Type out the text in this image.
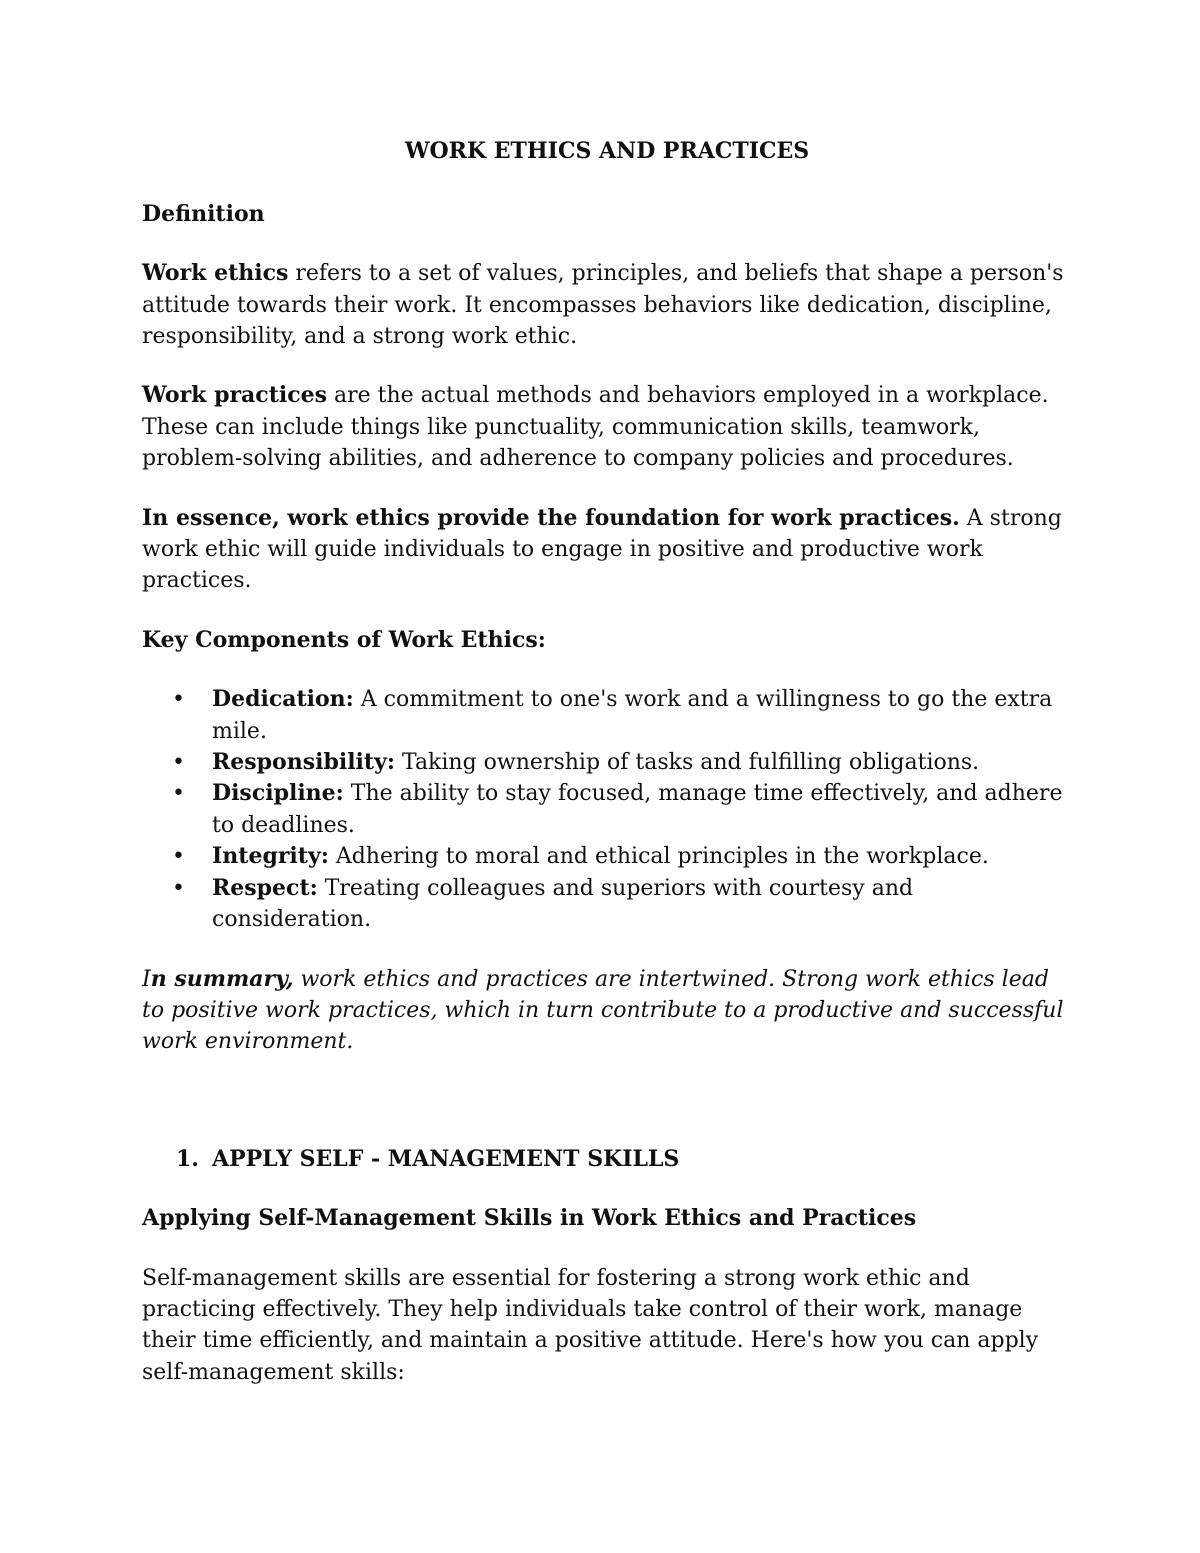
WORK ETHICS AND PRACTICES

Definition

Work ethics refers to a set of values, principles, and beliefs that shape a person's attitude towards their work. It encompasses behaviors like dedication, discipline, responsibility, and a strong work ethic.

Work practices are the actual methods and behaviors employed in a workplace. These can include things like punctuality, communication skills, teamwork, problem-solving abilities, and adherence to company policies and procedures.

In essence, work ethics provide the foundation for work practices. A strong work ethic will guide individuals to engage in positive and productive work practices.

Key Components of Work Ethics:

• Dedication: A commitment to one's work and a willingness to go the extra mile.
• Responsibility: Taking ownership of tasks and fulfilling obligations.
• Discipline: The ability to stay focused, manage time effectively, and adhere to deadlines.
• Integrity: Adhering to moral and ethical principles in the workplace.
• Respect: Treating colleagues and superiors with courtesy and consideration.

In summary, work ethics and practices are intertwined. Strong work ethics lead to positive work practices, which in turn contribute to a productive and successful work environment.

1. APPLY SELF - MANAGEMENT SKILLS

Applying Self-Management Skills in Work Ethics and Practices

Self-management skills are essential for fostering a strong work ethic and practicing effectively. They help individuals take control of their work, manage their time efficiently, and maintain a positive attitude. Here's how you can apply self-management skills:
